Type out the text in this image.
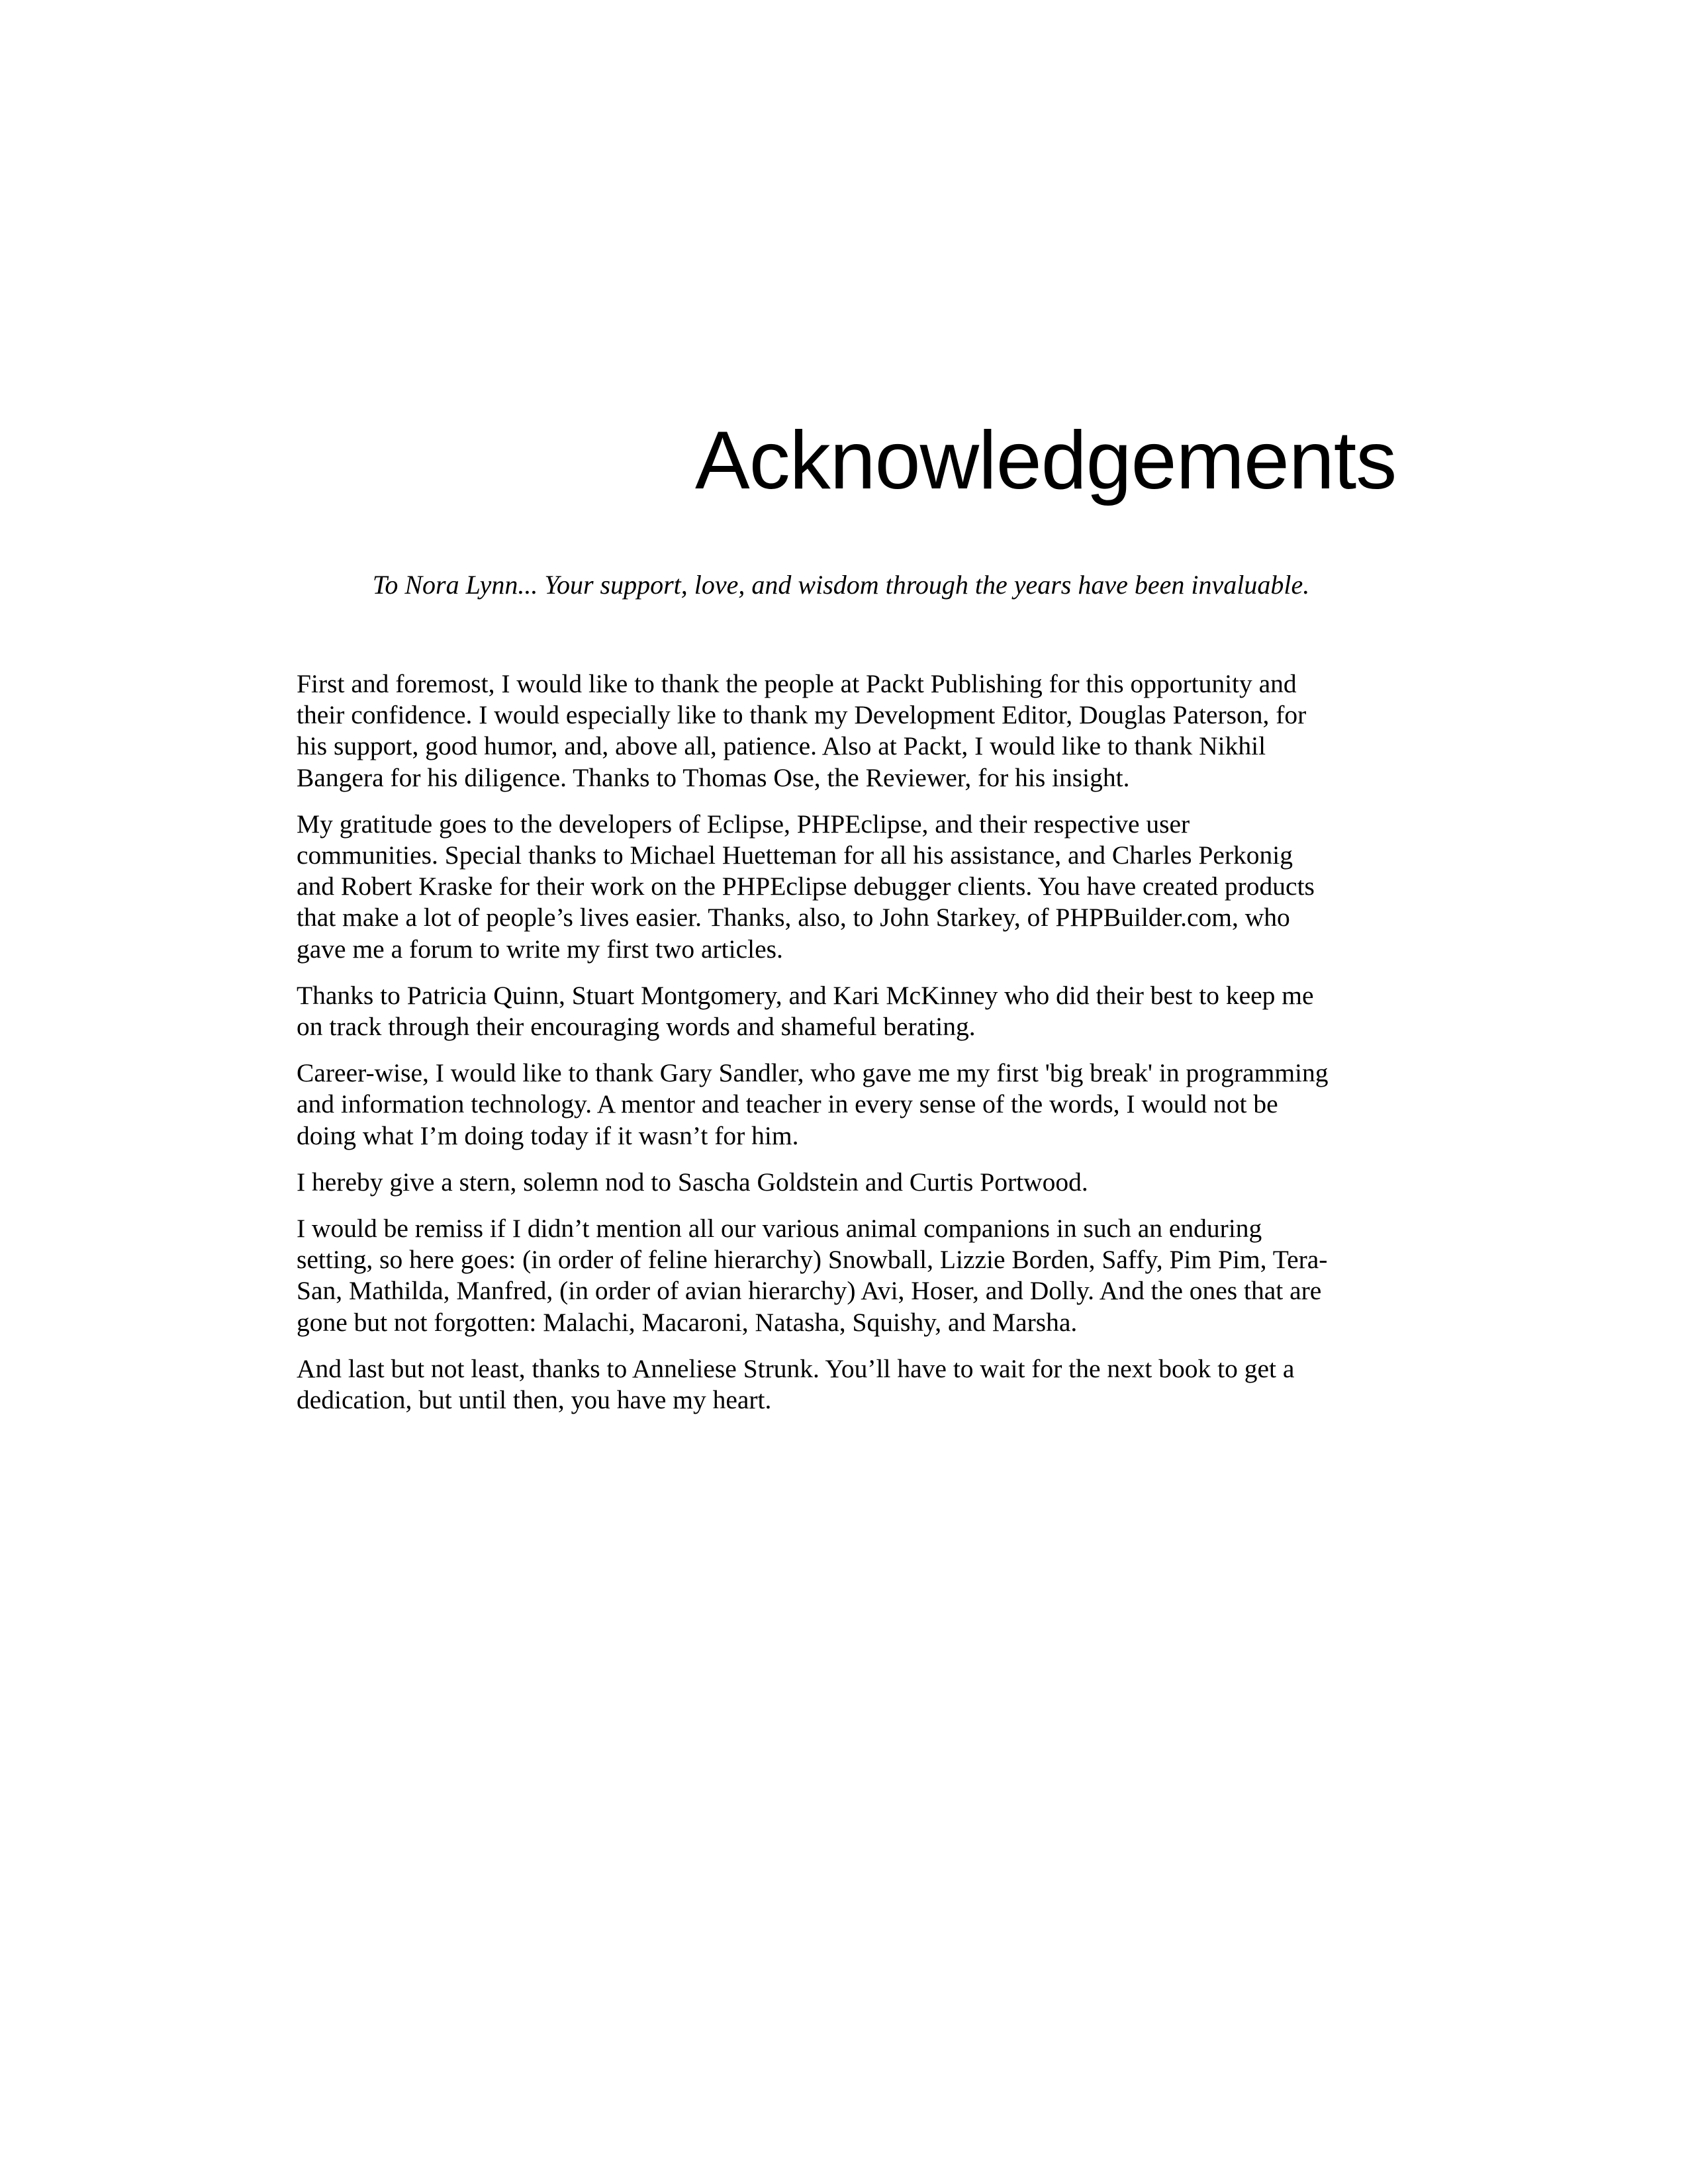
Acknowledgements
To Nora Lynn... Your support, love, and wisdom through the years have been invaluable.

First and foremost, I would like to thank the people at Packt Publishing for this opportunity and
their confidence. I would especially like to thank my Development Editor, Douglas Paterson, for
his support, good humor, and, above all, patience. Also at Packt, I would like to thank Nikhil
Bangera for his diligence. Thanks to Thomas Ose, the Reviewer, for his insight.

My gratitude goes to the developers of Eclipse, PHPEclipse, and their respective user
communities. Special thanks to Michael Huetteman for all his assistance, and Charles Perkonig
and Robert Kraske for their work on the PHPEclipse debugger clients. You have created products
that make a lot of people’s lives easier. Thanks, also, to John Starkey, of PHPBuilder.com, who
gave me a forum to write my first two articles.

Thanks to Patricia Quinn, Stuart Montgomery, and Kari McKinney who did their best to keep me
on track through their encouraging words and shameful berating.

Career-wise, I would like to thank Gary Sandler, who gave me my first 'big break' in programming
and information technology. A mentor and teacher in every sense of the words, I would not be
doing what I’m doing today if it wasn’t for him.

I hereby give a stern, solemn nod to Sascha Goldstein and Curtis Portwood.

I would be remiss if I didn’t mention all our various animal companions in such an enduring
setting, so here goes: (in order of feline hierarchy) Snowball, Lizzie Borden, Saffy, Pim Pim, Tera-
San, Mathilda, Manfred, (in order of avian hierarchy) Avi, Hoser, and Dolly. And the ones that are
gone but not forgotten: Malachi, Macaroni, Natasha, Squishy, and Marsha.

And last but not least, thanks to Anneliese Strunk. You’ll have to wait for the next book to get a
dedication, but until then, you have my heart.
